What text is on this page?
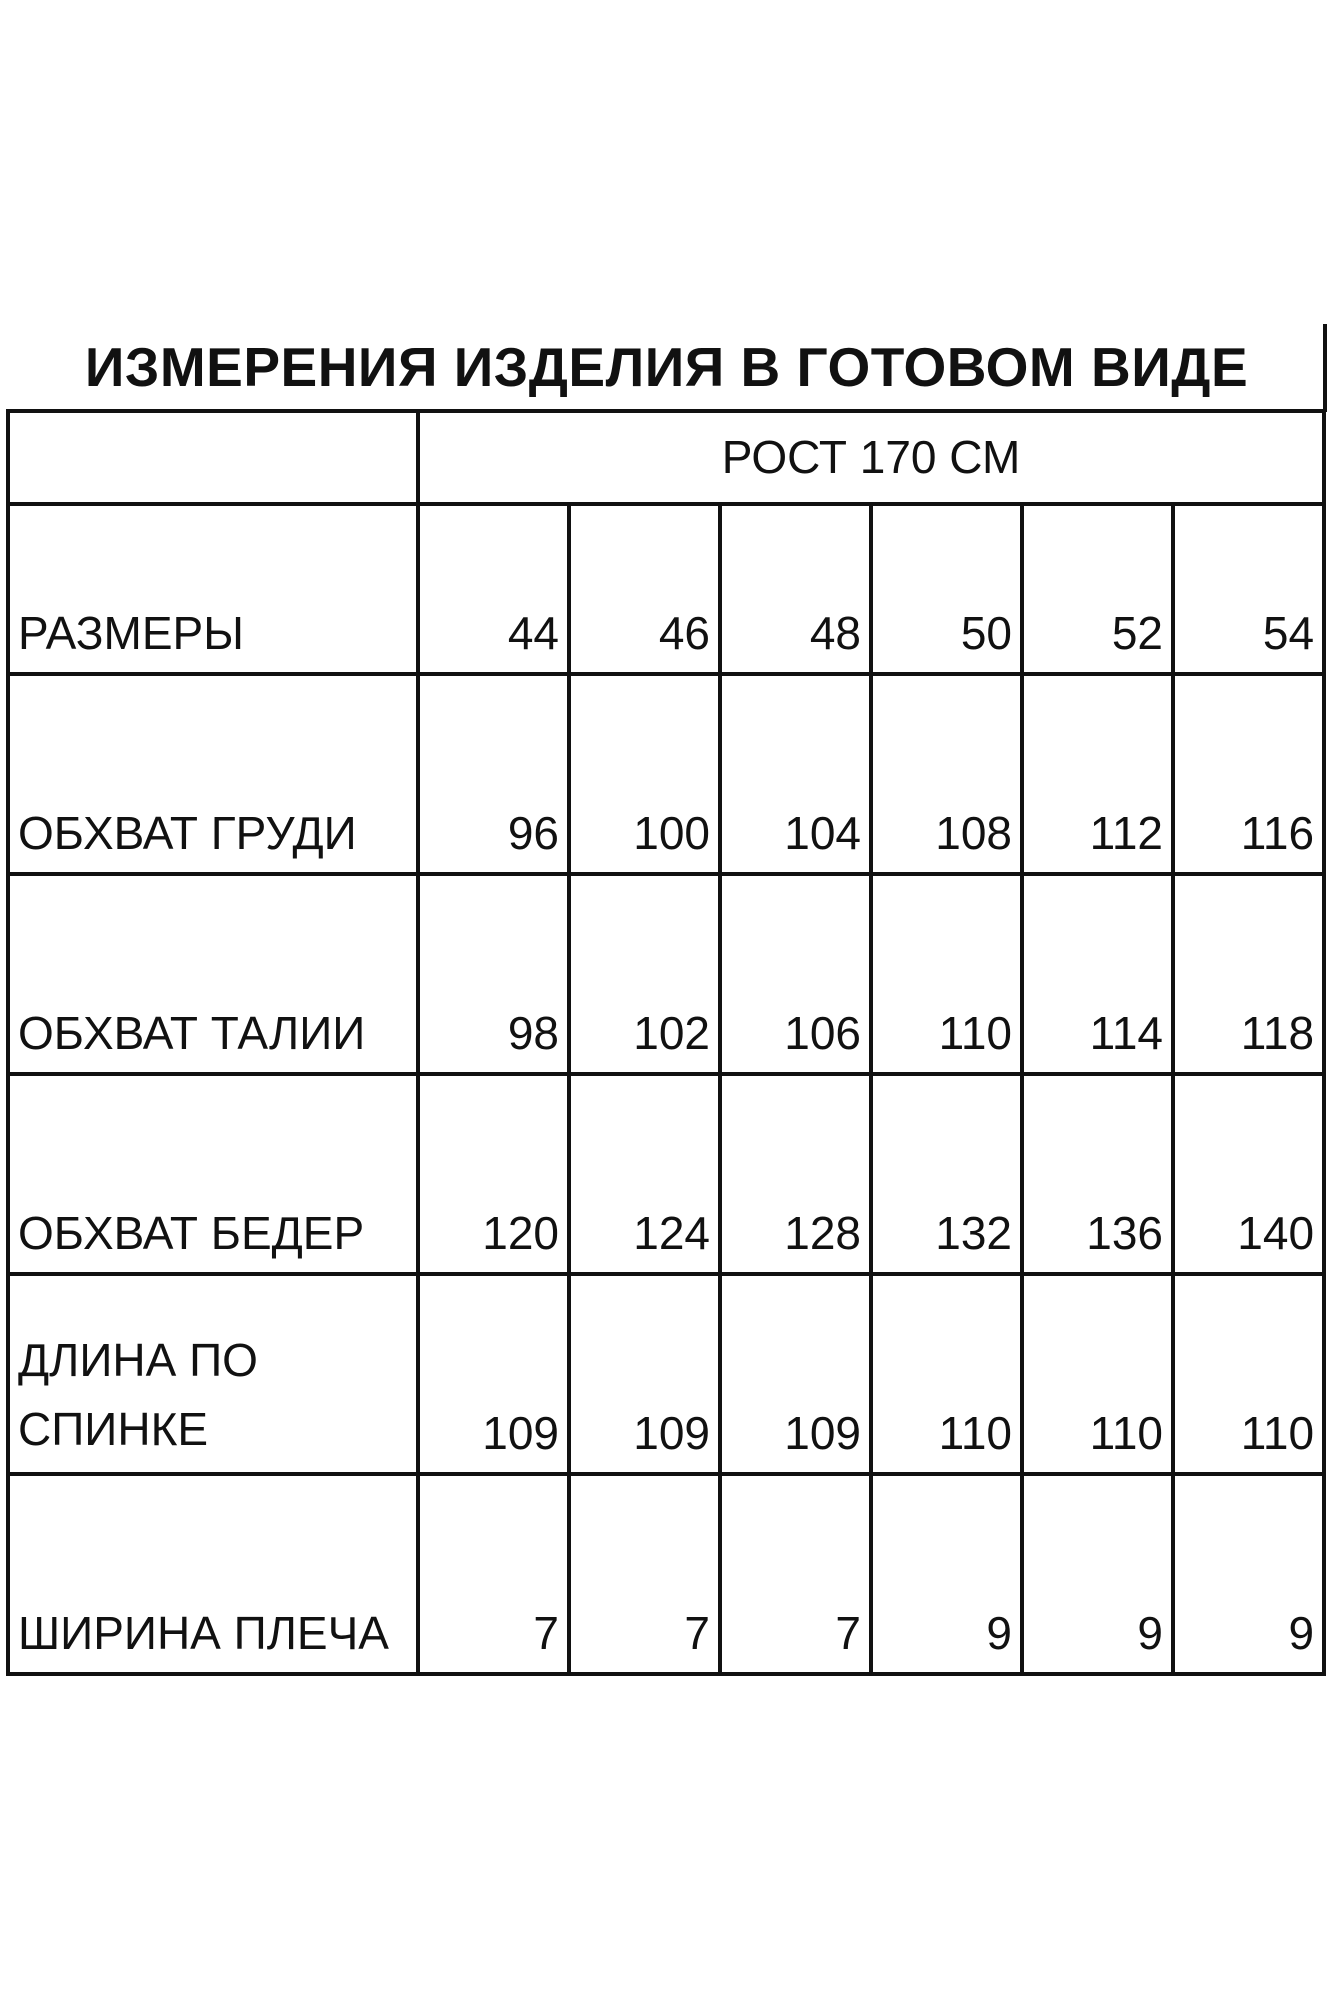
ИЗМЕРЕНИЯ ИЗДЕЛИЯ В ГОТОВОМ ВИДЕ
	РОСТ 170 СМ					
РАЗМЕРЫ	44	46	48	50	52	54
ОБХВАТ ГРУДИ	96	100	104	108	112	116
ОБХВАТ ТАЛИИ	98	102	106	110	114	118
ОБХВАТ БЕДЕР	120	124	128	132	136	140
ДЛИНА ПО СПИНКЕ	109	109	109	110	110	110
ШИРИНА ПЛЕЧА	7	7	7	9	9	9
